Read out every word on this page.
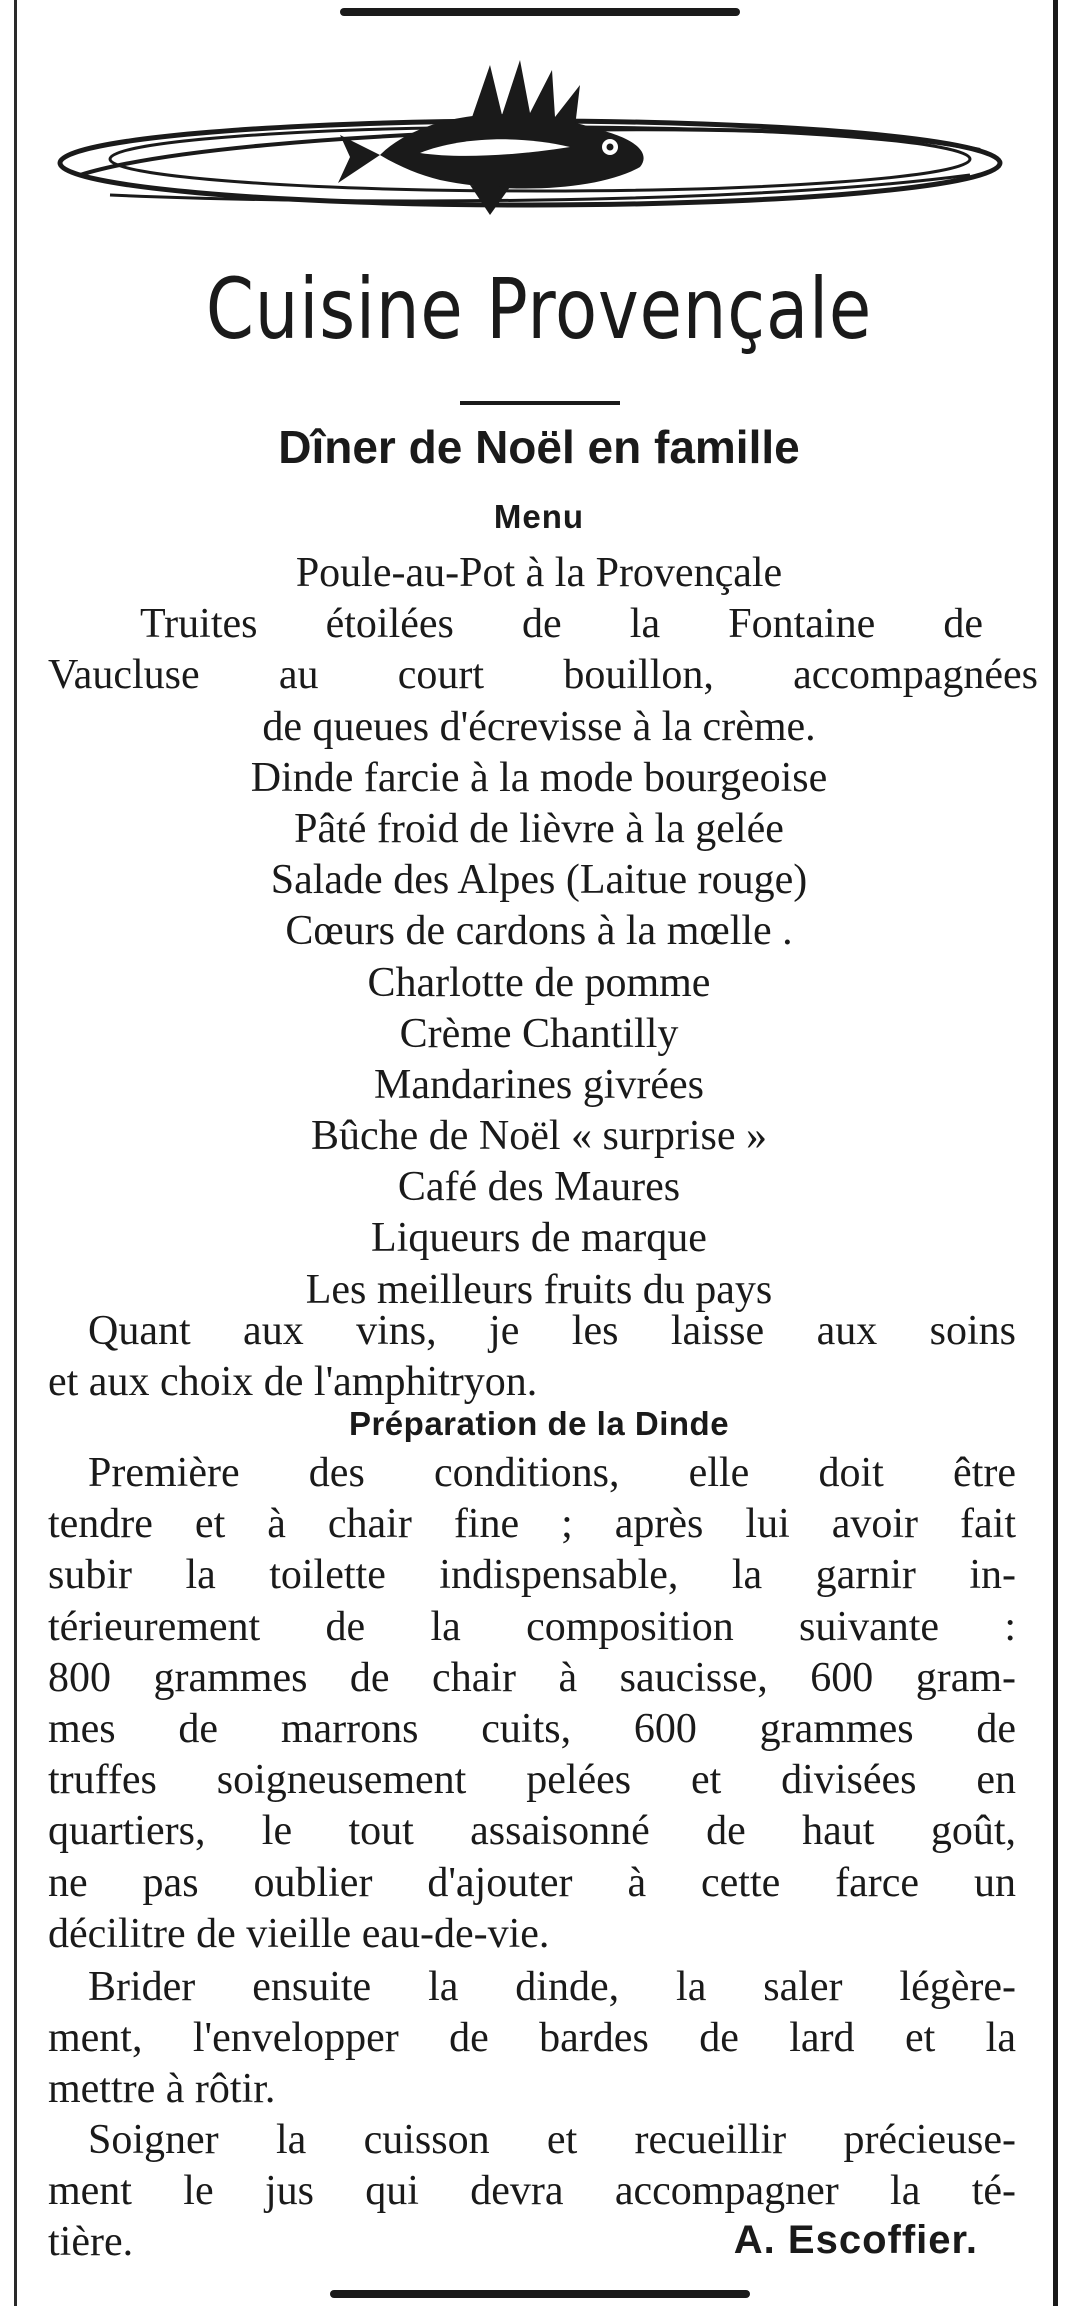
Cuisine Provençale
Dîner de Noël en famille
Menu
Poule-au-Pot à la Provençale
Truites étoilées de la Fontaine de
Vaucluse au court bouillon, accompagnées
de queues d'écrevisse à la crème.
Dinde farcie à la mode bourgeoise
Pâté froid de lièvre à la gelée
Salade des Alpes (Laitue rouge)
Cœurs de cardons à la mœlle .
Charlotte de pomme
Crème Chantilly
Mandarines givrées
Bûche de Noël « surprise »
Café des Maures
Liqueurs de marque
Les meilleurs fruits du pays
Quant aux vins, je les laisse aux soins
et aux choix de l'amphitryon.
Préparation de la Dinde
Première des conditions, elle doit être
tendre et à chair fine ; après lui avoir fait
subir la toilette indispensable, la garnir in-
térieurement de la composition suivante :
800 grammes de chair à saucisse, 600 gram-
mes de marrons cuits, 600 grammes de
truffes soigneusement pelées et divisées en
quartiers, le tout assaisonné de haut goût,
ne pas oublier d'ajouter à cette farce un
décilitre de vieille eau-de-vie.
Brider ensuite la dinde, la saler légère-
ment, l'envelopper de bardes de lard et la
mettre à rôtir.
Soigner la cuisson et recueillir précieuse-
ment le jus qui devra accompagner la té-
tière.	A. Escoffier.
